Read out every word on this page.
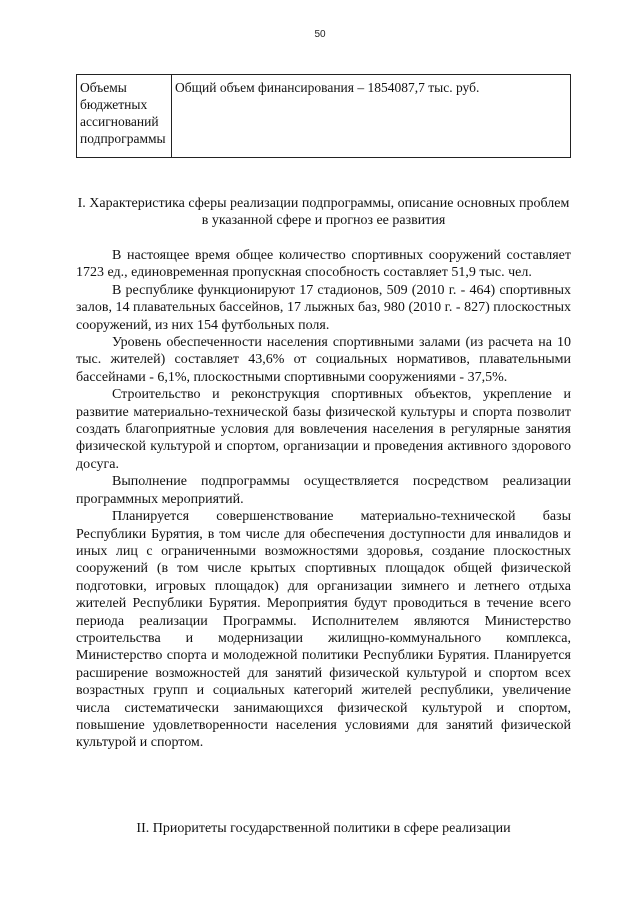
50
Объемы бюджетных ассигнований подпрограммы	Общий объем финансирования – 1854087,7 тыс. руб.
I. Характеристика сферы реализации подпрограммы, описание основных проблем в указанной сфере и прогноз ее развития

В настоящее время общее количество спортивных сооружений составляет 1723 ед., единовременная пропускная способность составляет 51,9 тыс. чел.

В республике функционируют 17 стадионов, 509 (2010 г. - 464) спортивных залов, 14 плавательных бассейнов, 17 лыжных баз, 980 (2010 г. - 827) плоскостных сооружений, из них 154 футбольных поля.

Уровень обеспеченности населения спортивными залами (из расчета на 10 тыс. жителей) составляет 43,6% от социальных нормативов, плавательными бассейнами - 6,1%, плоскостными спортивными сооружениями - 37,5%.

Строительство и реконструкция спортивных объектов, укрепление и развитие материально-технической базы физической культуры и спорта позволит создать благоприятные условия для вовлечения населения в регулярные занятия физической культурой и спортом, организации и проведения активного здорового досуга.

Выполнение подпрограммы осуществляется посредством реализации программных мероприятий.

Планируется совершенствование материально-технической базы Республики Бурятия, в том числе для обеспечения доступности для инвалидов и иных лиц с ограниченными возможностями здоровья, создание плоскостных сооружений (в том числе крытых спортивных площадок общей физической подготовки, игровых площадок) для организации зимнего и летнего отдыха жителей Республики Бурятия. Мероприятия будут проводиться в течение всего периода реализации Программы. Исполнителем являются Министерство строительства и модернизации жилищно-коммунального комплекса, Министерство спорта и молодежной политики Республики Бурятия. Планируется расширение возможностей для занятий физической культурой и спортом всех возрастных групп и социальных категорий жителей республики, увеличение числа систематически занимающихся физической культурой и спортом, повышение удовлетворенности населения условиями для занятий физической культурой и спортом.

II. Приоритеты государственной политики в сфере реализации
